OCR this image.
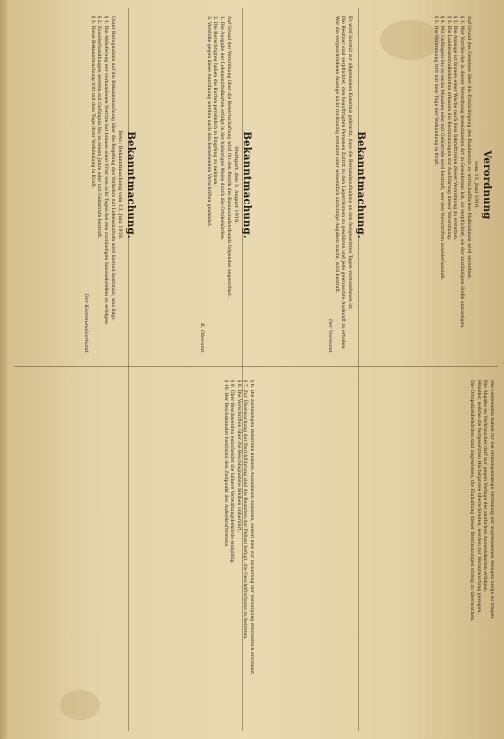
Bekanntmachung.
Betr.: Bekanntmachung vom 13. Juni 1918.

Unter Bezugnahme auf die Bekanntmachung über die Regelung des Verkehrs mit Lebensmitteln wird hiermit bestimmt, was folgt.

§ 1. Die Ablieferung der vorhandenen Vorräte hat binnen einer Frist von acht Tagen bei den zuständigen Sammelstellen zu erfolgen.

§ 2. Zuwiderhandlungen werden mit Gefängnis bis zu einem Jahre oder mit Geldstrafe bestraft.

§ 3. Diese Bekanntmachung tritt mit dem Tage ihrer Verkündung in Kraft.

Der Kommunalverband.
Bekanntmachung.
Stuttgart, den 3. August 1918.

Auf Grund der Verordnung über die Bewirtschaftung wird für den Bezirk des Kommunalverbands folgendes angeordnet.

1. Die Ausgabe der Lebensmittelkarten erfolgt in der bisherigen Weise durch die Ortsbehörden.

2. Die Berechtigten haben die Karten persönlich in Empfang zu nehmen.

3. Verstöße gegen diese Anordnung werden nach den bestehenden Vorschriften geahndet.

K. Oberamt.
Bekanntmachung.

Es wird hiermit zur allgemeinen Kenntnis gebracht, dass die Bestandsaufnahme an den festgesetzten Tagen vorzunehmen ist.

Die Besitzer sind verpflichtet, den beauftragten Personen Zutritt zu den Lagerräumen zu gewähren und jede gewünschte Auskunft zu erteilen.

Wer die vorgeschriebene Anzeige nicht rechtzeitig erstattet oder wissentlich unrichtige Angaben macht, wird bestraft.

Der Vorstand.
Verordnung
vom 13. Juni 1918.

Auf Grund des Gesetzes über die Ermächtigung des Bundesrats zu wirtschaftlichen Maßnahmen wird verordnet:

§ 1. Wer Vorräte der in dieser Verordnung bezeichneten Art in Gewahrsam hat, ist verpflichtet, sie der zuständigen Stelle anzuzeigen.

§ 2. Die Anzeige ist binnen einer Woche nach dem Inkrafttreten dieser Verordnung zu erstatten.

§ 3. Die Landeszentralbehörden erlassen die Bestimmungen zur Ausführung dieser Verordnung.

§ 4. Mit Gefängnis bis zu sechs Monaten oder mit Geldstrafe wird bestraft, wer den Vorschriften zuwiderhandelt.

§ 5. Die Verordnung tritt mit dem Tage der Verkündung in Kraft.

§ 6. Die zuständigen Behörden können Ausnahmen zulassen, soweit dies zur Sicherung der Versorgung erforderlich erscheint.

§ 7. Zur Überwachung der Durchführung sind die Beamten der Polizei befugt, die Geschäftsräume zu betreten.

§ 8. Die Vorschriften über die Beschlagnahme bleiben unberührt.

§ 9. Über Beschwerden entscheidet die höhere Verwaltungsbehörde endgültig.

§ 10. Der Reichskanzler bestimmt den Zeitpunkt des Außerkrafttretens.	Die Gemeinden haben für die ordnungsmäßige Verteilung der zugewiesenen Mengen Sorge zu tragen.

Die Abgabe an Verbraucher darf nur gegen Vorlage der amtlichen Ausweiskarten erfolgen.

Händler, welche die festgesetzten Höchstpreise überschreiten, werden zur Verantwortung gezogen.

Die Ortspolizeibehörden sind angewiesen, die Einhaltung dieser Bestimmungen streng zu überwachen.
